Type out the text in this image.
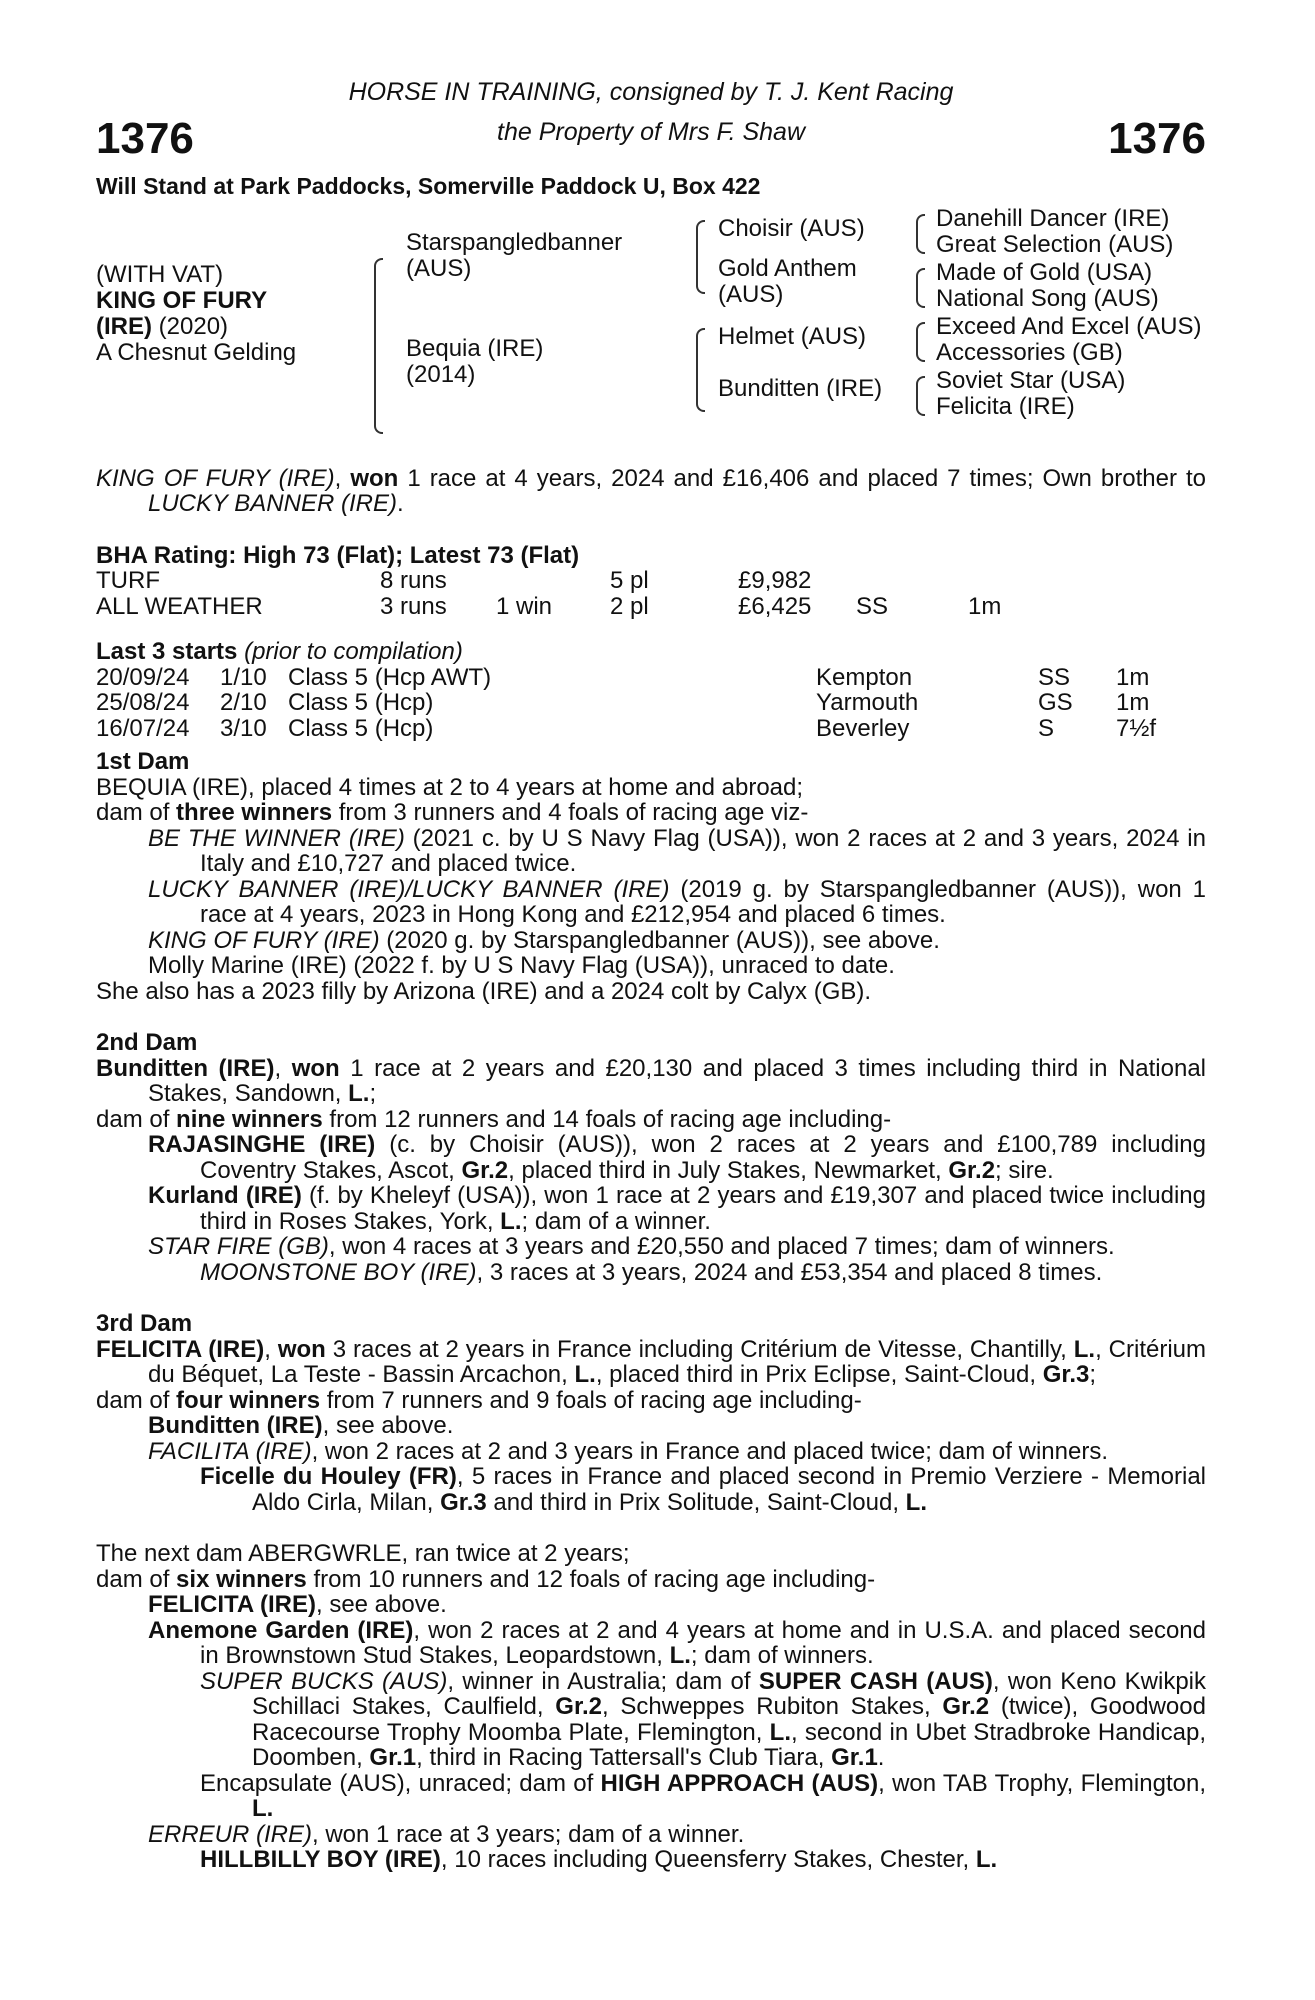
1376	1376
HORSE IN TRAINING, consigned by T. J. Kent Racing
the Property of Mrs F. Shaw
Will Stand at Park Paddocks, Somerville Paddock U, Box 422
(WITH VAT)
KING OF FURY
(IRE) (2020)
A Chesnut Gelding
Starspangledbanner
(AUS)
Bequia (IRE)
(2014)
Choisir (AUS)
Gold Anthem
(AUS)
Helmet (AUS)
Bunditten (IRE)
Danehill Dancer (IRE)
Great Selection (AUS)
Made of Gold (USA)
National Song (AUS)
Exceed And Excel (AUS)
Accessories (GB)
Soviet Star (USA)
Felicita (IRE)

KING OF FURY (IRE), won 1 race at 4 years, 2024 and £16,406 and placed 7 times; Own brother to LUCKY BANNER (IRE).

BHA Rating: High 73 (Flat); Latest 73 (Flat)
TURF	8 runs	5 pl	£9,982
ALL WEATHER	3 runs 1 win 2 pl	£6,425 SS	1m
Last 3 starts (prior to compilation)
20/09/24 1/10 Class 5 (Hcp AWT)	Kempton	SS 1m
25/08/24 2/10 Class 5 (Hcp)	Yarmouth	GS 1m
16/07/24 3/10 Class 5 (Hcp)	Beverley	S	7½f
1st Dam

BEQUIA (IRE), placed 4 times at 2 to 4 years at home and abroad;

dam of three winners from 3 runners and 4 foals of racing age viz-

BE THE WINNER (IRE) (2021 c. by U S Navy Flag (USA)), won 2 races at 2 and 3 years, 2024 in Italy and £10,727 and placed twice.

LUCKY BANNER (IRE)/LUCKY BANNER (IRE) (2019 g. by Starspangledbanner (AUS)), won 1 race at 4 years, 2023 in Hong Kong and £212,954 and placed 6 times.

KING OF FURY (IRE) (2020 g. by Starspangledbanner (AUS)), see above.

Molly Marine (IRE) (2022 f. by U S Navy Flag (USA)), unraced to date.

She also has a 2023 filly by Arizona (IRE) and a 2024 colt by Calyx (GB).

2nd Dam

Bunditten (IRE), won 1 race at 2 years and £20,130 and placed 3 times including third in National Stakes, Sandown, L.;

dam of nine winners from 12 runners and 14 foals of racing age including-

RAJASINGHE (IRE) (c. by Choisir (AUS)), won 2 races at 2 years and £100,789 including Coventry Stakes, Ascot, Gr.2, placed third in July Stakes, Newmarket, Gr.2; sire.

Kurland (IRE) (f. by Kheleyf (USA)), won 1 race at 2 years and £19,307 and placed twice including third in Roses Stakes, York, L.; dam of a winner.

STAR FIRE (GB), won 4 races at 3 years and £20,550 and placed 7 times; dam of winners.

MOONSTONE BOY (IRE), 3 races at 3 years, 2024 and £53,354 and placed 8 times.

3rd Dam

FELICITA (IRE), won 3 races at 2 years in France including Critérium de Vitesse, Chantilly, L., Critérium du Béquet, La Teste - Bassin Arcachon, L., placed third in Prix Eclipse, Saint-Cloud, Gr.3;

dam of four winners from 7 runners and 9 foals of racing age including-

Bunditten (IRE), see above.

FACILITA (IRE), won 2 races at 2 and 3 years in France and placed twice; dam of winners.

Ficelle du Houley (FR), 5 races in France and placed second in Premio Verziere - Memorial Aldo Cirla, Milan, Gr.3 and third in Prix Solitude, Saint-Cloud, L.

The next dam ABERGWRLE, ran twice at 2 years;

dam of six winners from 10 runners and 12 foals of racing age including-

FELICITA (IRE), see above.

Anemone Garden (IRE), won 2 races at 2 and 4 years at home and in U.S.A. and placed second in Brownstown Stud Stakes, Leopardstown, L.; dam of winners.

SUPER BUCKS (AUS), winner in Australia; dam of SUPER CASH (AUS), won Keno Kwikpik Schillaci Stakes, Caulfield, Gr.2, Schweppes Rubiton Stakes, Gr.2 (twice), Goodwood Racecourse Trophy Moomba Plate, Flemington, L., second in Ubet Stradbroke Handicap, Doomben, Gr.1, third in Racing Tattersall's Club Tiara, Gr.1.

Encapsulate (AUS), unraced; dam of HIGH APPROACH (AUS), won TAB Trophy, Flemington, L.

ERREUR (IRE), won 1 race at 3 years; dam of a winner.

HILLBILLY BOY (IRE), 10 races including Queensferry Stakes, Chester, L.
